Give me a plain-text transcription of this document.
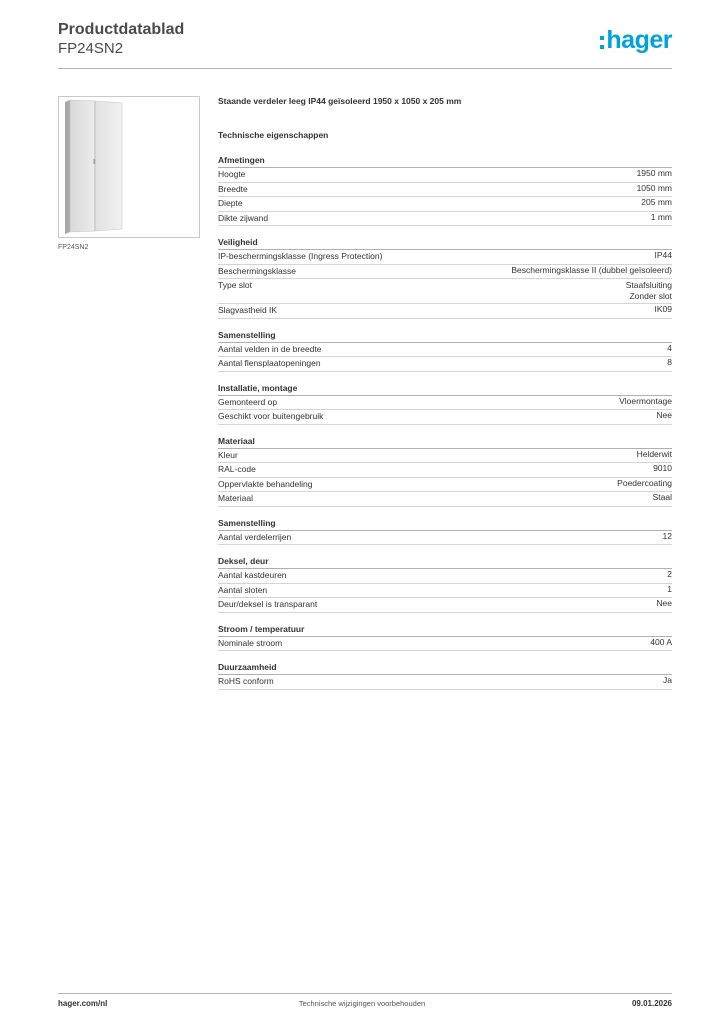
Productdatablad
FP24SN2	hager
FP24SN2

Staande verdeler leeg IP44 geïsoleerd 1950 x 1050 x 205 mm

Technische eigenschappen

Afmetingen
Hoogte	1950 mm
Breedte	1050 mm
Diepte	205 mm
Dikte zijwand	1 mm
Veiligheid
IP-beschermingsklasse (Ingress Protection)	IP44
Beschermingsklasse	Beschermingsklasse II (dubbel geïsoleerd)
Type slot	Staafsluiting
Zonder slot
Slagvastheid IK	IK09
Samenstelling
Aantal velden in de breedte	4
Aantal flensplaatopeningen	8
Installatie, montage
Gemonteerd op	Vloermontage
Geschikt voor buitengebruik	Nee
Materiaal
Kleur	Helderwit
RAL-code	9010
Oppervlakte behandeling	Poedercoating
Materiaal	Staal
Samenstelling
Aantal verdelerrijen	12
Deksel, deur
Aantal kastdeuren	2
Aantal sloten	1
Deur/deksel is transparant	Nee
Stroom / temperatuur
Nominale stroom	400 A
Duurzaamheid
RoHS conform	Ja
hager.com/nl	Technische wijzigingen voorbehouden	09.01.2026
